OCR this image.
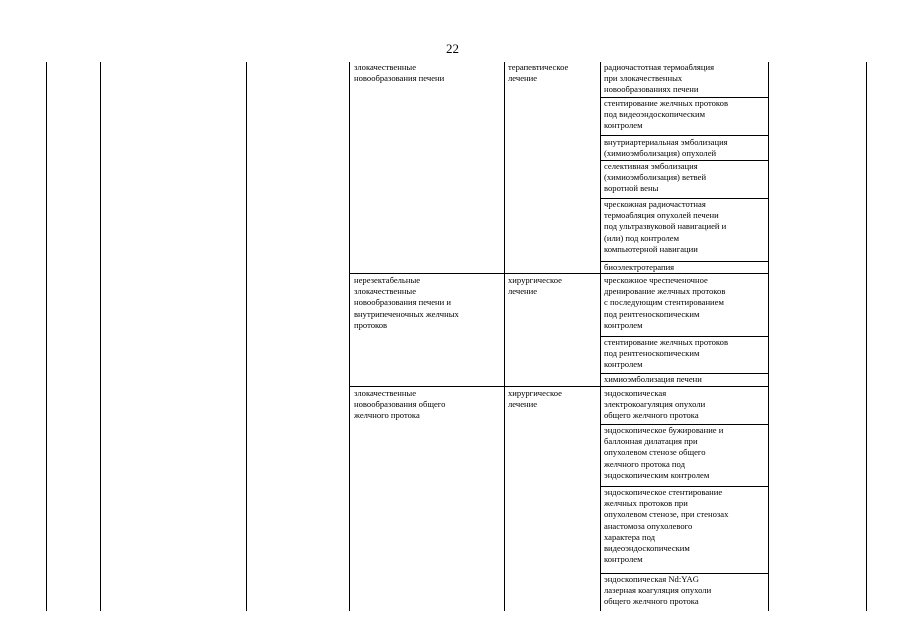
22
злокачественные
новообразования печени
терапевтическое
лечение
радиочастотная термоабляция
при злокачественных
новообразованиях печени
стентирование желчных протоков
под видеоэндоскопическим
контролем
внутриартериальная эмболизация
(химиоэмболизация) опухолей
селективная эмболизация
(химиоэмболизация) ветвей
воротной вены
чрескожная радиочастотная
термоабляция опухолей печени
под ультразвуковой навигацией и
(или) под контролем
компьютерной навигации
биоэлектротерапия
нерезектабельные
злокачественные
новообразования печени и
внутрипеченочных желчных
протоков
хирургическое
лечение
чрескожное чреспеченочное
дренирование желчных протоков
с последующим стентированием
под рентгеноскопическим
контролем
стентирование желчных протоков
под рентгеноскопическим
контролем
химиоэмболизация печени
злокачественные
новообразования общего
желчного протока
хирургическое
лечение
эндоскопическая
электрокоагуляция опухоли
общего желчного протока
эндоскопическое бужирование и
баллонная дилатация при
опухолевом стенозе общего
желчного протока под
эндоскопическим контролем
эндоскопическое стентирование
желчных протоков при
опухолевом стенозе, при стенозах
анастомоза опухолевого
характера под
видеоэндоскопическим
контролем
эндоскопическая Nd:YAG
лазерная коагуляция опухоли
общего желчного протока
